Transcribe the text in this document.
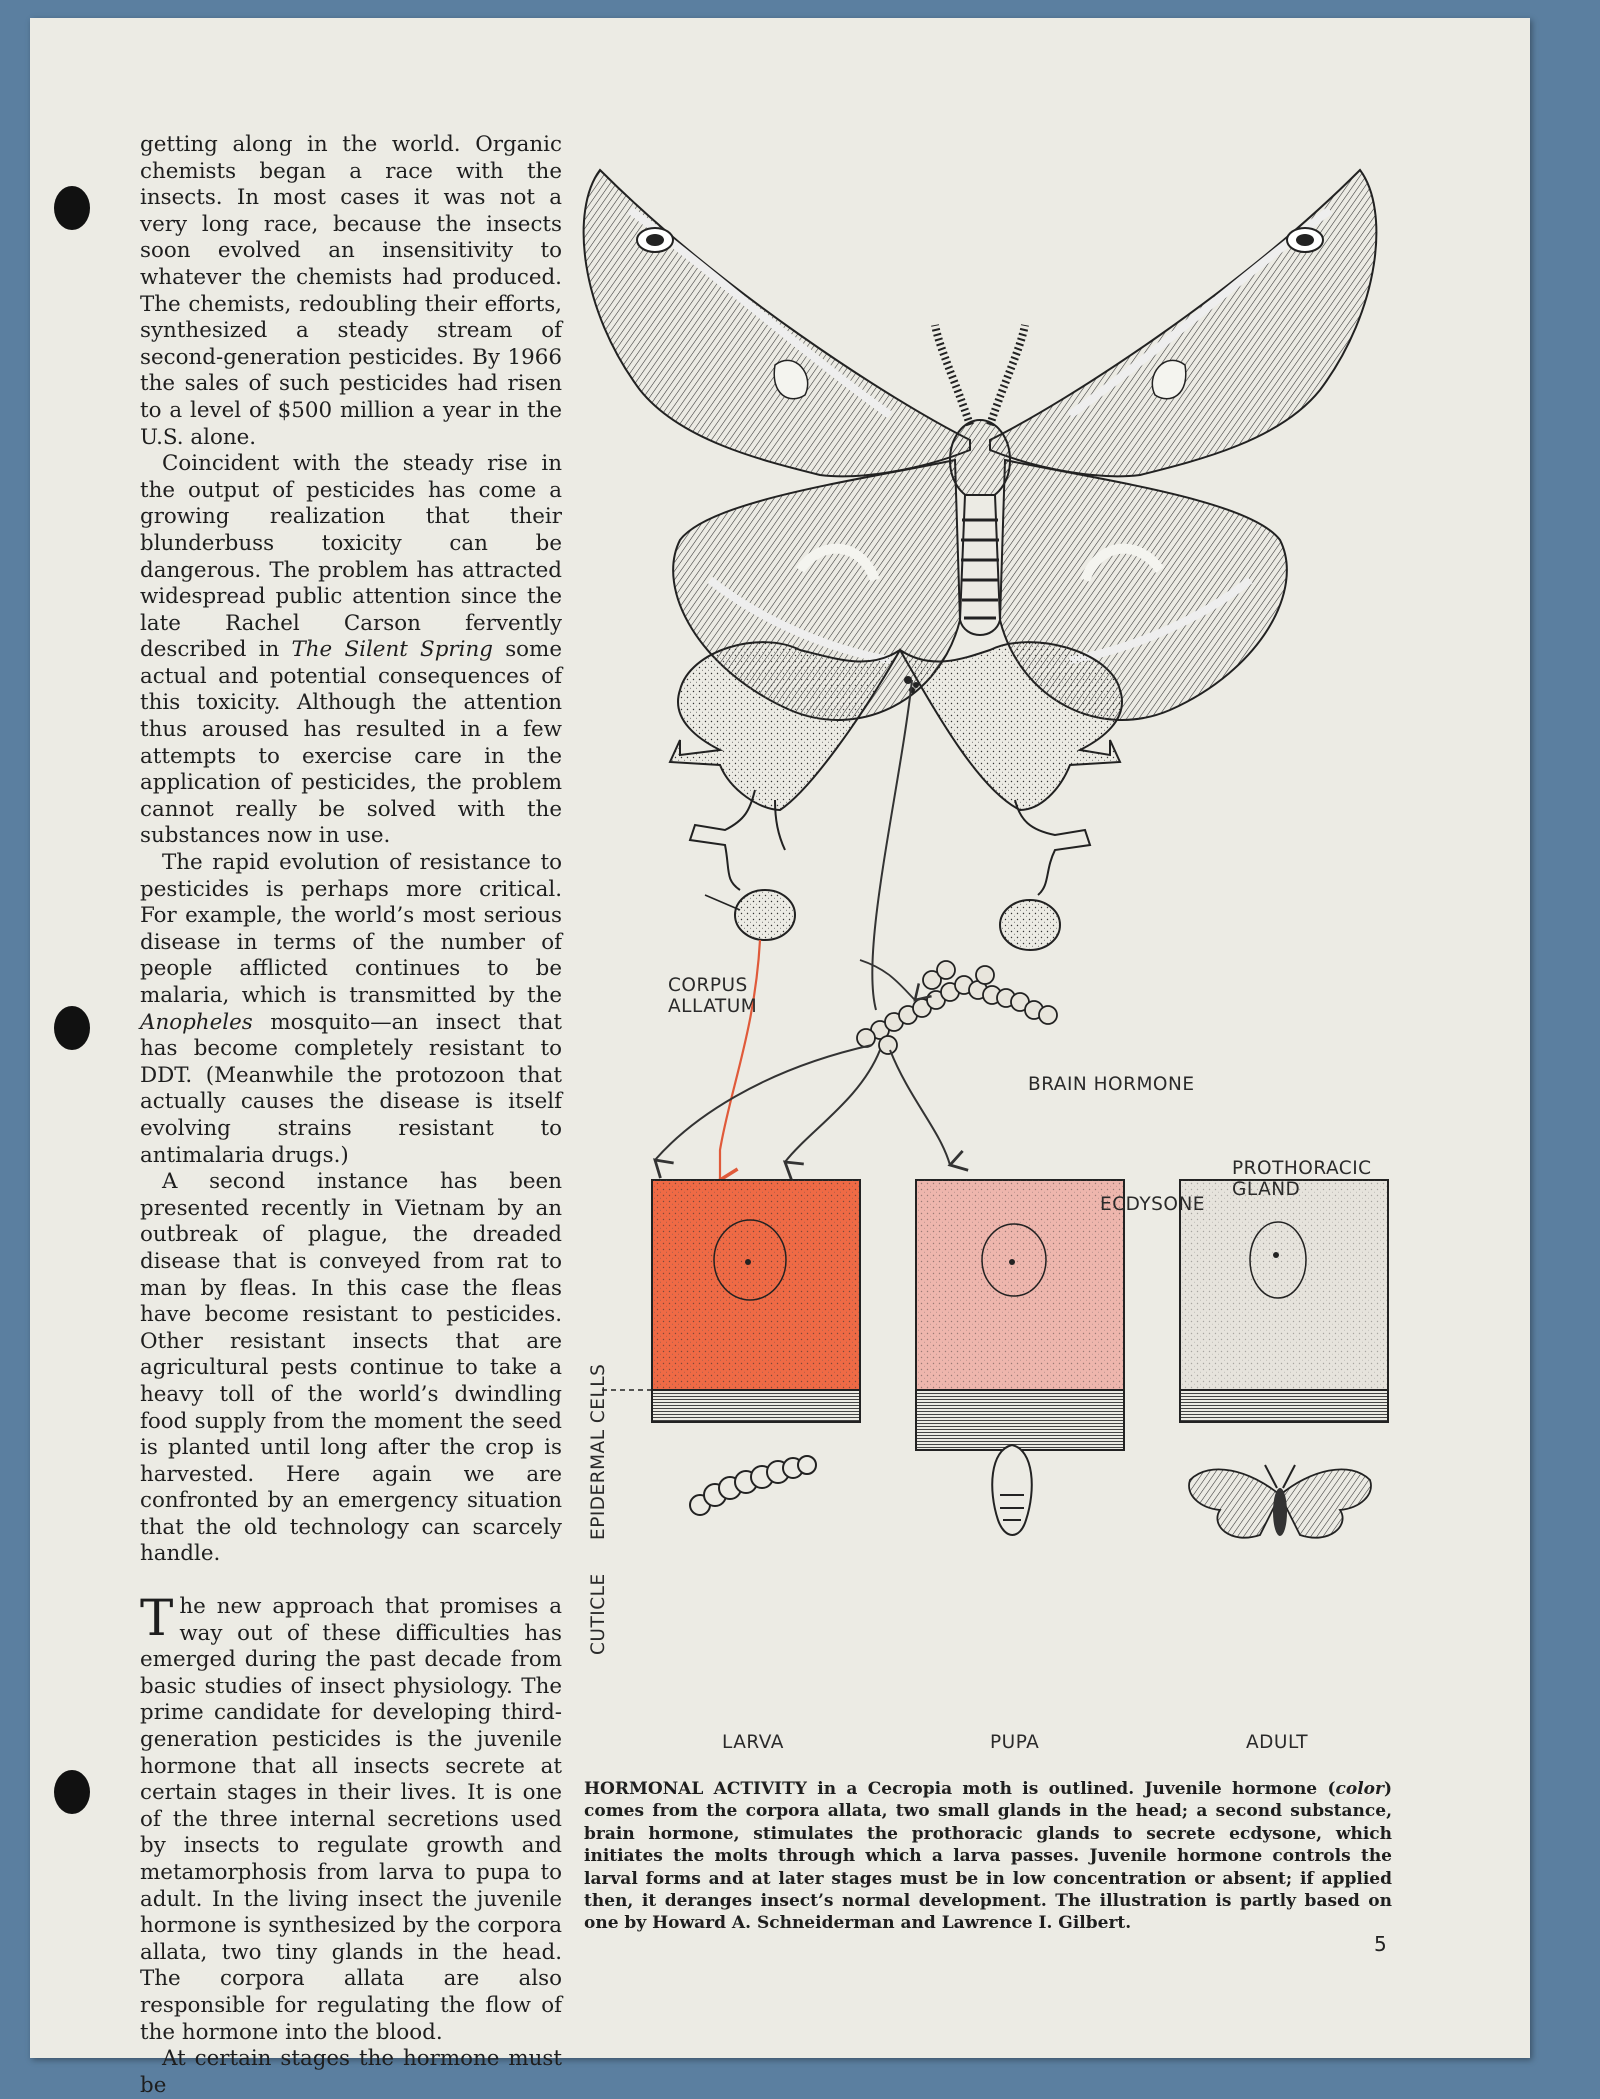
getting along in the world. Organic chemists began a race with the insects. In most cases it was not a very long race, because the insects soon evolved an insensitivity to whatever the chemists had produced. The chemists, redoubling their efforts, synthesized a steady stream of second-generation pesticides. By 1966 the sales of such pesticides had risen to a level of $500 million a year in the U.S. alone.

Coincident with the steady rise in the output of pesticides has come a growing realization that their blunderbuss toxicity can be dangerous. The problem has attracted widespread public attention since the late Rachel Carson fervently described in The Silent Spring some actual and potential consequences of this toxicity. Although the attention thus aroused has resulted in a few attempts to exercise care in the application of pesticides, the problem cannot really be solved with the substances now in use.

The rapid evolution of resistance to pesticides is perhaps more critical. For example, the world’s most serious disease in terms of the number of people afflicted continues to be malaria, which is transmitted by the Anopheles mosquito—an insect that has become completely resistant to DDT. (Meanwhile the protozoon that actually causes the disease is itself evolving strains resistant to antimalaria drugs.)

A second instance has been presented recently in Vietnam by an outbreak of plague, the dreaded disease that is conveyed from rat to man by fleas. In this case the fleas have become resistant to pesticides. Other resistant insects that are agricultural pests continue to take a heavy toll of the world’s dwindling food supply from the moment the seed is planted until long after the crop is harvested. Here again we are confronted by an emergency situation that the old technology can scarcely handle.

The new approach that promises a way out of these difficulties has emerged during the past decade from basic studies of insect physiology. The prime candidate for developing third-generation pesticides is the juvenile hormone that all insects secrete at certain stages in their lives. It is one of the three internal secretions used by insects to regulate growth and metamorphosis from larva to pupa to adult. In the living insect the juvenile hormone is synthesized by the corpora allata, two tiny glands in the head. The corpora allata are also responsible for regulating the flow of the hormone into the blood.

At certain stages the hormone must be

CORPUS
ALLATUM
BRAIN HORMONE
PROTHORACIC
GLAND
ECDYSONE
CUTICLE
EPIDERMAL CELLS
LARVA	PUPA	ADULT
HORMONAL ACTIVITY in a Cecropia moth is outlined. Juvenile hormone (color) comes from the corpora allata, two small glands in the head; a second substance, brain hormone, stimulates the prothoracic glands to secrete ecdysone, which initiates the molts through which a larva passes. Juvenile hormone controls the larval forms and at later stages must be in low concentration or absent; if applied then, it deranges insect’s normal development. The illustration is partly based on one by Howard A. Schneiderman and Lawrence I. Gilbert.
5
